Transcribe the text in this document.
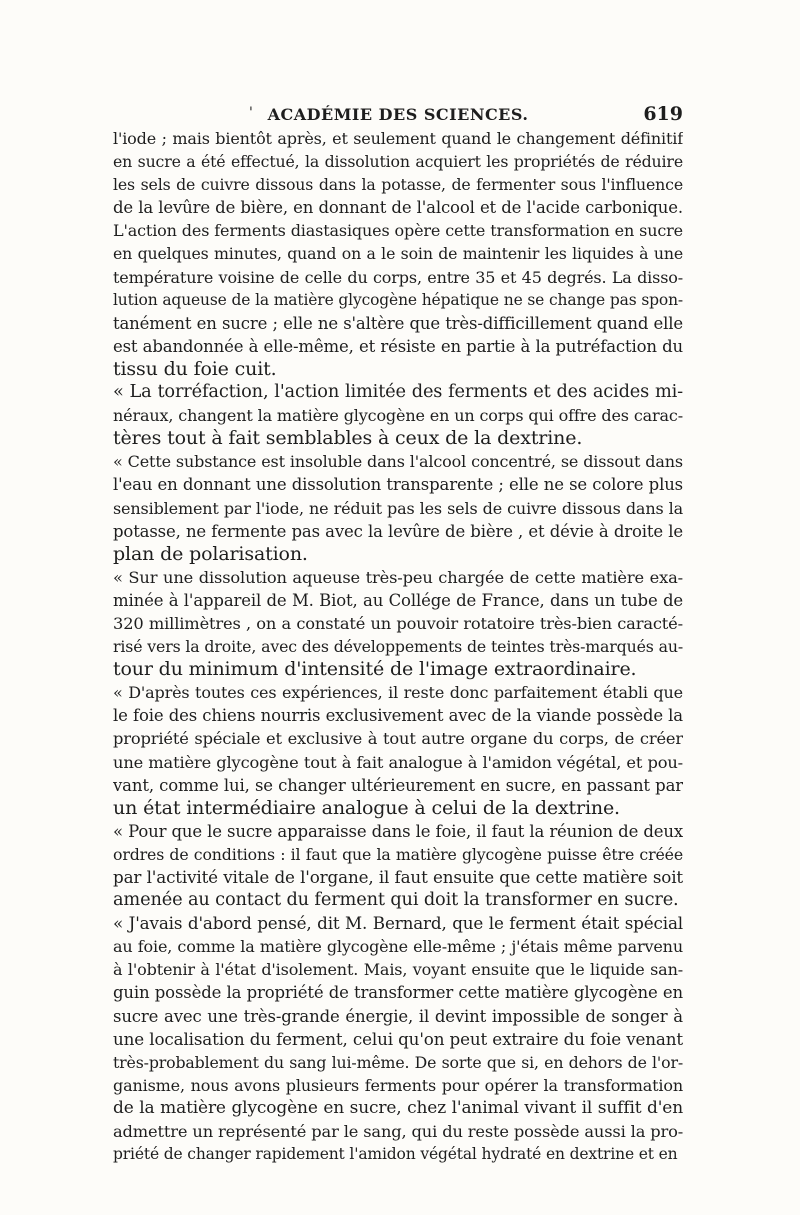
' ACADÉMIE DES SCIENCES.	619
l'iode ; mais bientôt après, et seulement quand le changement définitif
en sucre a été effectué, la dissolution acquiert les propriétés de réduire
les sels de cuivre dissous dans la potasse, de fermenter sous l'influence
de la levûre de bière, en donnant de l'alcool et de l'acide carbonique.
L'action des ferments diastasiques opère cette transformation en sucre
en quelques minutes, quand on a le soin de maintenir les liquides à une
température voisine de celle du corps, entre 35 et 45 degrés. La disso-
lution aqueuse de la matière glycogène hépatique ne se change pas spon-
tanément en sucre ; elle ne s'altère que très-difficillement quand elle
est abandonnée à elle-même, et résiste en partie à la putréfaction du
tissu du foie cuit.
« La torréfaction, l'action limitée des ferments et des acides mi-
néraux, changent la matière glycogène en un corps qui offre des carac-
tères tout à fait semblables à ceux de la dextrine.
« Cette substance est insoluble dans l'alcool concentré, se dissout dans
l'eau en donnant une dissolution transparente ; elle ne se colore plus
sensiblement par l'iode, ne réduit pas les sels de cuivre dissous dans la
potasse, ne fermente pas avec la levûre de bière , et dévie à droite le
plan de polarisation.
« Sur une dissolution aqueuse très-peu chargée de cette matière exa-
minée à l'appareil de M. Biot, au Collége de France, dans un tube de
320 millimètres , on a constaté un pouvoir rotatoire très-bien caracté-
risé vers la droite, avec des développements de teintes très-marqués au-
tour du minimum d'intensité de l'image extraordinaire.
« D'après toutes ces expériences, il reste donc parfaitement établi que
le foie des chiens nourris exclusivement avec de la viande possède la
propriété spéciale et exclusive à tout autre organe du corps, de créer
une matière glycogène tout à fait analogue à l'amidon végétal, et pou-
vant, comme lui, se changer ultérieurement en sucre, en passant par
un état intermédiaire analogue à celui de la dextrine.
« Pour que le sucre apparaisse dans le foie, il faut la réunion de deux
ordres de conditions : il faut que la matière glycogène puisse être créée
par l'activité vitale de l'organe, il faut ensuite que cette matière soit
amenée au contact du ferment qui doit la transformer en sucre.
« J'avais d'abord pensé, dit M. Bernard, que le ferment était spécial
au foie, comme la matière glycogène elle-même ; j'étais même parvenu
à l'obtenir à l'état d'isolement. Mais, voyant ensuite que le liquide san-
guin possède la propriété de transformer cette matière glycogène en
sucre avec une très-grande énergie, il devint impossible de songer à
une localisation du ferment, celui qu'on peut extraire du foie venant
très-probablement du sang lui-même. De sorte que si, en dehors de l'or-
ganisme, nous avons plusieurs ferments pour opérer la transformation
de la matière glycogène en sucre, chez l'animal vivant il suffit d'en
admettre un représenté par le sang, qui du reste possède aussi la pro-
priété de changer rapidement l'amidon végétal hydraté en dextrine et en
